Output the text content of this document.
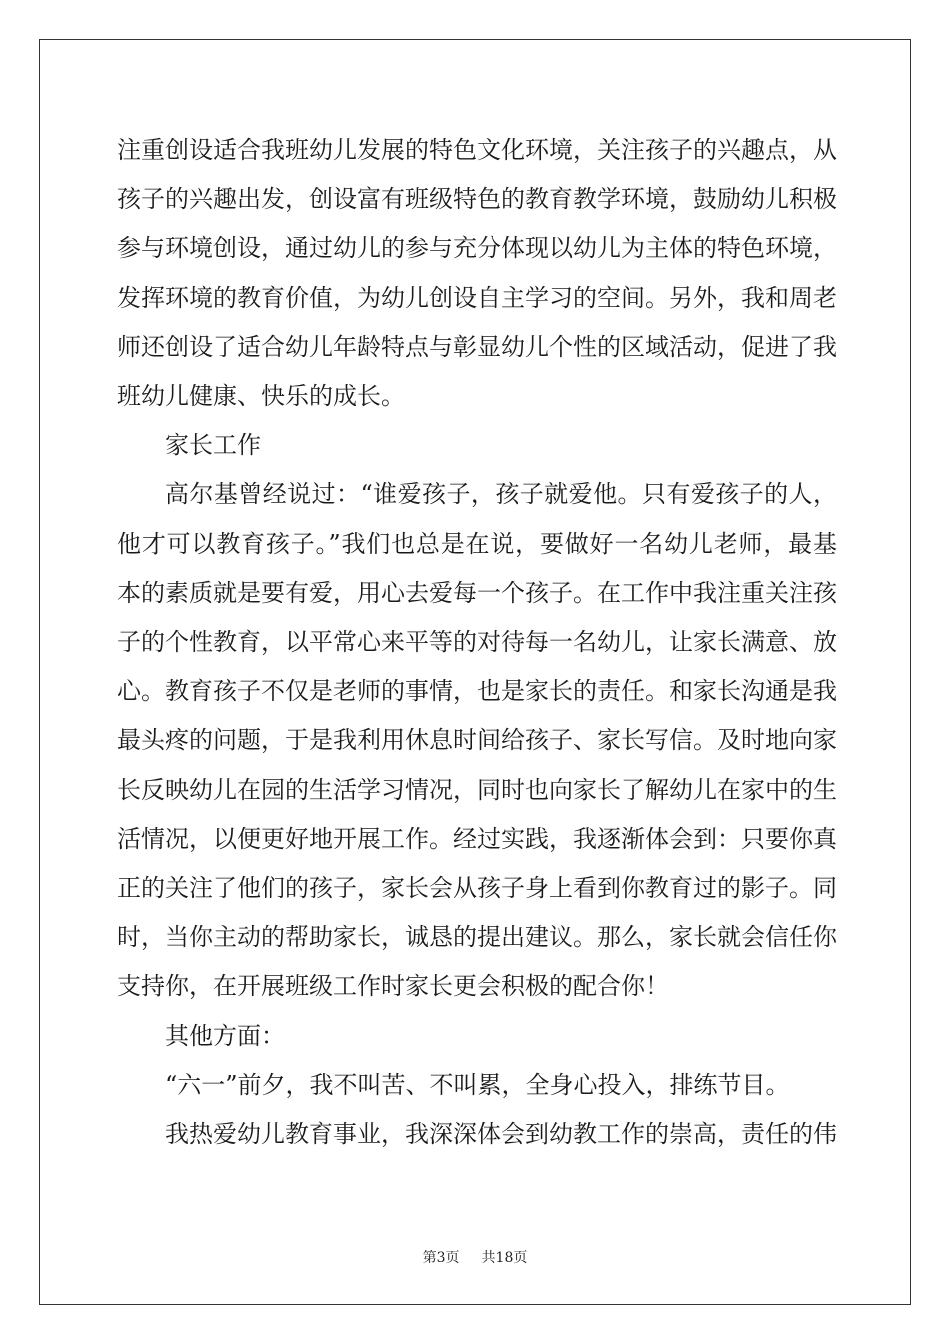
注重创设适合我班幼儿发展的特色文化环境，关注孩子的兴趣点，从孩子的兴趣出发，创设富有班级特色的教育教学环境，鼓励幼儿积极参与环境创设，通过幼儿的参与充分体现以幼儿为主体的特色环境，发挥环境的教育价值，为幼儿创设自主学习的空间。另外，我和周老师还创设了适合幼儿年龄特点与彰显幼儿个性的区域活动，促进了我班幼儿健康、快乐的成长。

家长工作

高尔基曾经说过：“谁爱孩子，孩子就爱他。只有爱孩子的人，他才可以教育孩子。”我们也总是在说，要做好一名幼儿老师，最基本的素质就是要有爱，用心去爱每一个孩子。在工作中我注重关注孩子的个性教育，以平常心来平等的对待每一名幼儿，让家长满意、放心。教育孩子不仅是老师的事情，也是家长的责任。和家长沟通是我最头疼的问题，于是我利用休息时间给孩子、家长写信。及时地向家长反映幼儿在园的生活学习情况，同时也向家长了解幼儿在家中的生活情况，以便更好地开展工作。经过实践，我逐渐体会到：只要你真正的关注了他们的孩子，家长会从孩子身上看到你教育过的影子。同时，当你主动的帮助家长，诚恳的提出建议。那么，家长就会信任你支持你，在开展班级工作时家长更会积极的配合你！

其他方面：

“六一”前夕，我不叫苦、不叫累，全身心投入，排练节目。

我热爱幼儿教育事业，我深深体会到幼教工作的崇高，责任的伟

第3页 共18页
